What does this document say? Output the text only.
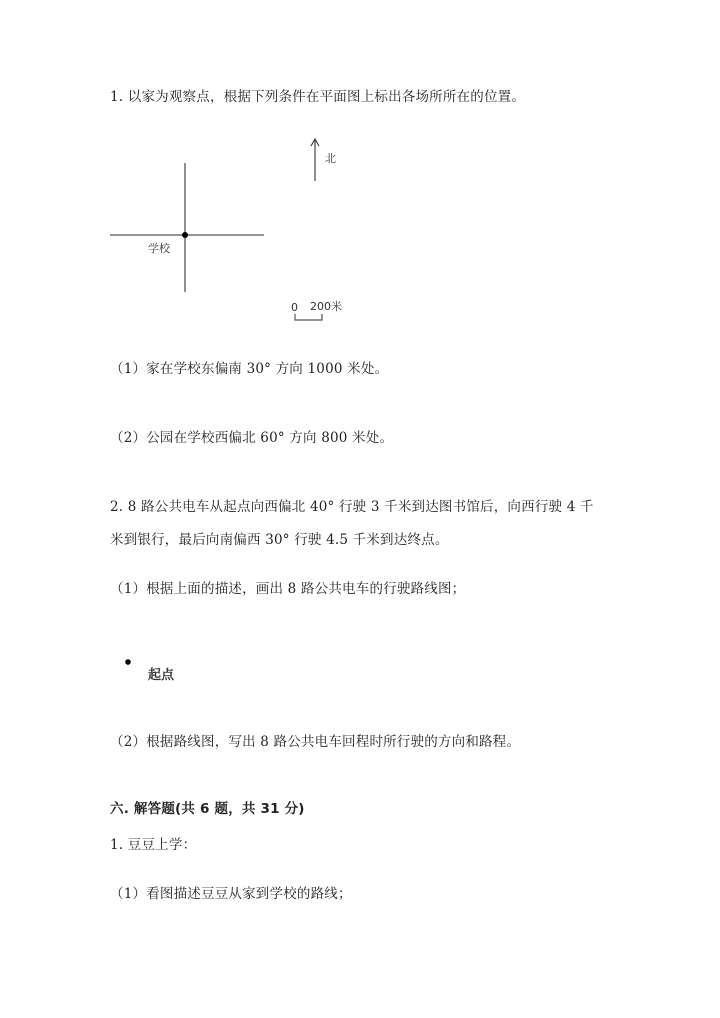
1. 以家为观察点，根据下列条件在平面图上标出各场所所在的位置。
学校
北
0 200米
（1）家在学校东偏南 30° 方向 1000 米处。
（2）公园在学校西偏北 60° 方向 800 米处。
2. 8 路公共电车从起点向西偏北 40° 行驶 3 千米到达图书馆后，向西行驶 4 千
米到银行，最后向南偏西 30° 行驶 4.5 千米到达终点。
（1）根据上面的描述，画出 8 路公共电车的行驶路线图；
起点
（2）根据路线图，写出 8 路公共电车回程时所行驶的方向和路程。
六. 解答题(共 6 题，共 31 分)
1. 豆豆上学：
（1）看图描述豆豆从家到学校的路线；
